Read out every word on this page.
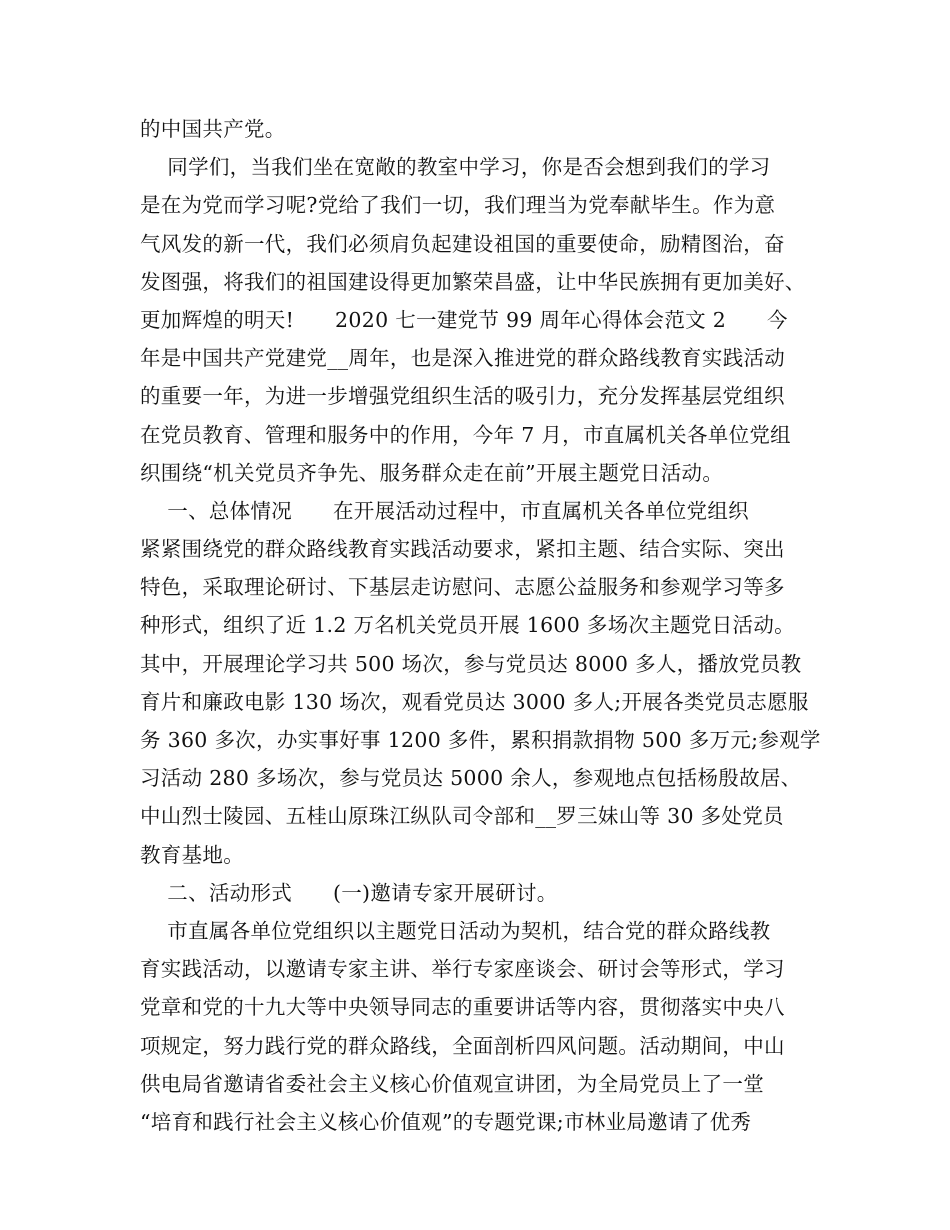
的中国共产党。
同学们，当我们坐在宽敞的教室中学习，你是否会想到我们的学习
是在为党而学习呢?党给了我们一切，我们理当为党奉献毕生。作为意
气风发的新一代，我们必须肩负起建设祖国的重要使命，励精图治，奋
发图强，将我们的祖国建设得更加繁荣昌盛，让中华民族拥有更加美好、
更加辉煌的明天!      2020 七一建党节 99 周年心得体会范文 2      今
年是中国共产党建党__周年，也是深入推进党的群众路线教育实践活动
的重要一年，为进一步增强党组织生活的吸引力，充分发挥基层党组织
在党员教育、管理和服务中的作用，今年 7 月，市直属机关各单位党组
织围绕“机关党员齐争先、服务群众走在前”开展主题党日活动。
一、总体情况      在开展活动过程中，市直属机关各单位党组织
紧紧围绕党的群众路线教育实践活动要求，紧扣主题、结合实际、突出
特色，采取理论研讨、下基层走访慰问、志愿公益服务和参观学习等多
种形式，组织了近 1.2 万名机关党员开展 1600 多场次主题党日活动。
其中，开展理论学习共 500 场次，参与党员达 8000 多人，播放党员教
育片和廉政电影 130 场次，观看党员达 3000 多人;开展各类党员志愿服
务 360 多次，办实事好事 1200 多件，累积捐款捐物 500 多万元;参观学
习活动 280 多场次，参与党员达 5000 余人，参观地点包括杨殷故居、
中山烈士陵园、五桂山原珠江纵队司令部和__罗三妹山等 30 多处党员
教育基地。
二、活动形式      (一)邀请专家开展研讨。
市直属各单位党组织以主题党日活动为契机，结合党的群众路线教
育实践活动，以邀请专家主讲、举行专家座谈会、研讨会等形式，学习
党章和党的十九大等中央领导同志的重要讲话等内容，贯彻落实中央八
项规定，努力践行党的群众路线，全面剖析四风问题。活动期间，中山
供电局省邀请省委社会主义核心价值观宣讲团，为全局党员上了一堂
“培育和践行社会主义核心价值观”的专题党课;市林业局邀请了优秀
